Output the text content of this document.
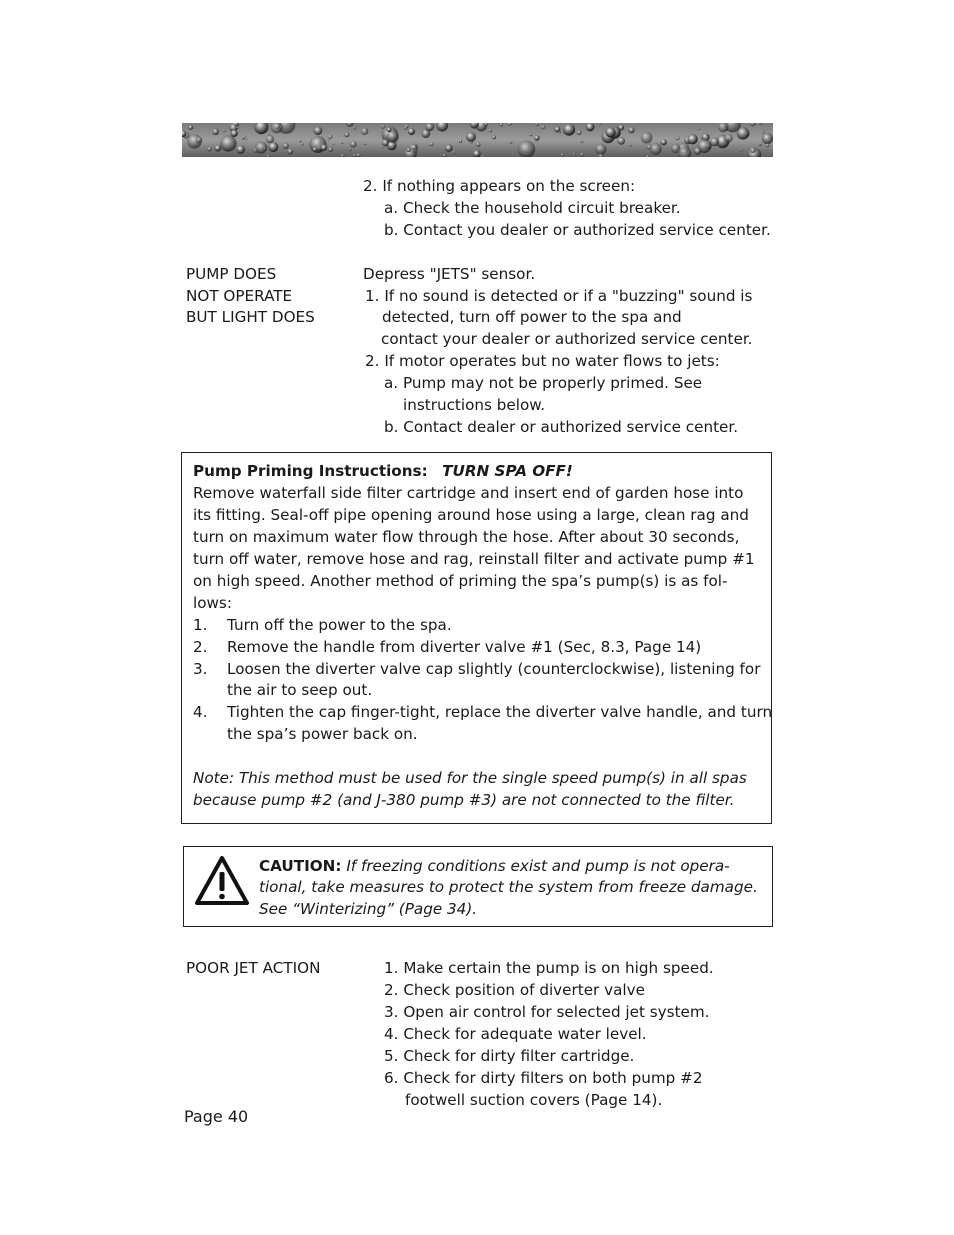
2. If nothing appears on the screen:
a. Check the household circuit breaker.
b. Contact you dealer or authorized service center.
PUMP DOES
NOT OPERATE
BUT LIGHT DOES
Depress "JETS" sensor.
1. If no sound is detected or if a "buzzing" sound is
detected, turn off power to the spa and
contact your dealer or authorized service center.
2. If motor operates but no water flows to jets:
a. Pump may not be properly primed. See
instructions below.
b. Contact dealer or authorized service center.
Pump Priming Instructions: TURN SPA OFF!
Remove waterfall side filter cartridge and insert end of garden hose into
its fitting. Seal-off pipe opening around hose using a large, clean rag and
turn on maximum water flow through the hose. After about 30 seconds,
turn off water, remove hose and rag, reinstall filter and activate pump #1
on high speed. Another method of priming the spa’s pump(s) is as fol-
lows:
1. Turn off the power to the spa.
2. Remove the handle from diverter valve #1 (Sec, 8.3, Page 14)
3. Loosen the diverter valve cap slightly (counterclockwise), listening for
the air to seep out.
4. Tighten the cap finger-tight, replace the diverter valve handle, and turn
the spa’s power back on.
Note: This method must be used for the single speed pump(s) in all spas
because pump #2 (and J-380 pump #3) are not connected to the filter.
CAUTION: If freezing conditions exist and pump is not opera-
tional, take measures to protect the system from freeze damage.
See “Winterizing” (Page 34).
POOR JET ACTION	1. Make certain the pump is on high speed.
2. Check position of diverter valve
3. Open air control for selected jet system.
4. Check for adequate water level.
5. Check for dirty filter cartridge.
6. Check for dirty filters on both pump #2
footwell suction covers (Page 14).
Page 40
